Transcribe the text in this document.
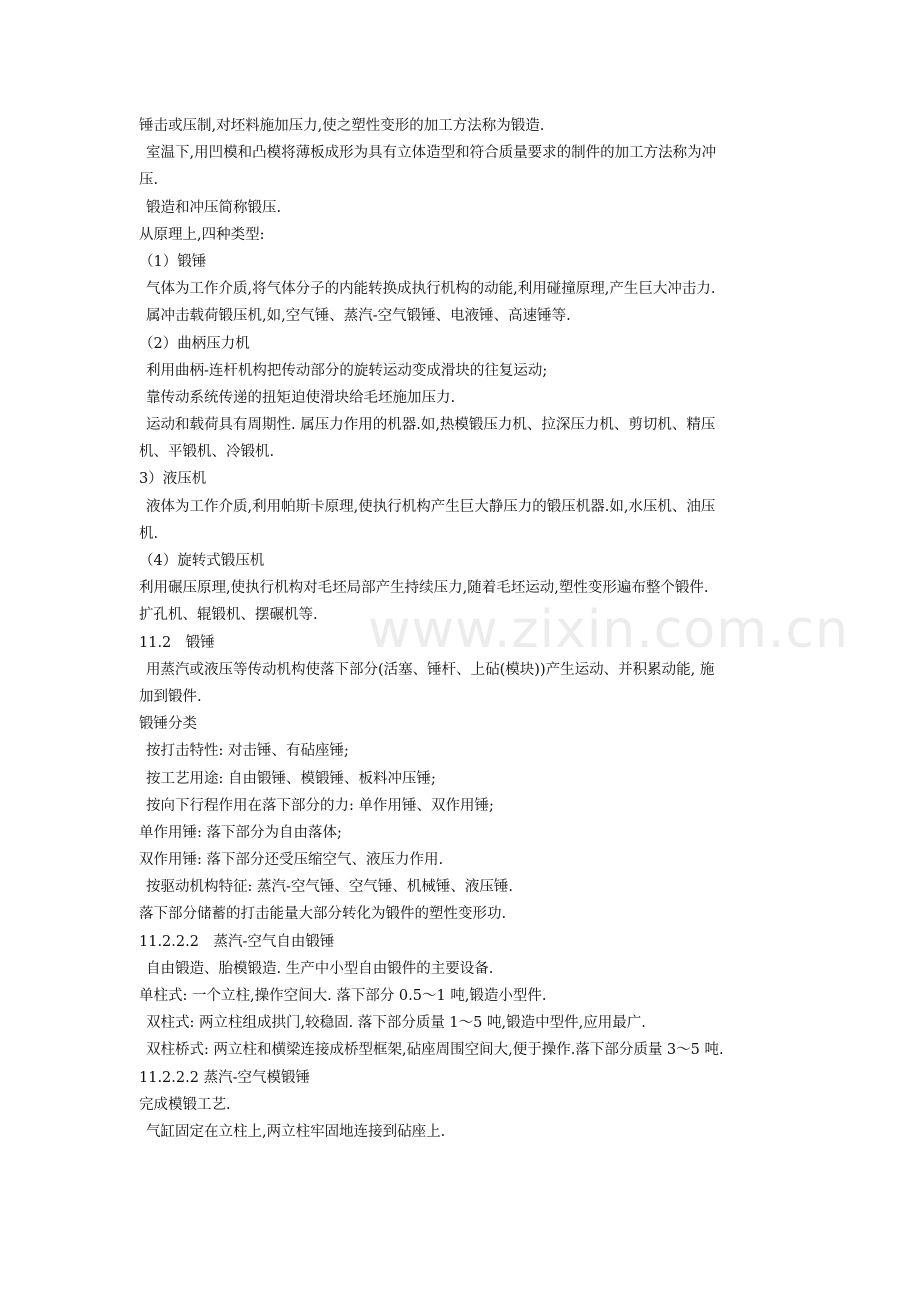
锤击或压制,对坯料施加压力,使之塑性变形的加工方法称为锻造.
室温下,用凹模和凸模将薄板成形为具有立体造型和符合质量要求的制件的加工方法称为冲
压.
锻造和冲压简称锻压.
从原理上,四种类型:
（1）锻锤
气体为工作介质,将气体分子的内能转换成执行机构的动能,利用碰撞原理,产生巨大冲击力.
属冲击载荷锻压机,如,空气锤、蒸汽-空气锻锤、电液锤、高速锤等.
（2）曲柄压力机
利用曲柄-连杆机构把传动部分的旋转运动变成滑块的往复运动;
靠传动系统传递的扭矩迫使滑块给毛坯施加压力.
运动和载荷具有周期性. 属压力作用的机器.如,热模锻压力机、拉深压力机、剪切机、精压
机、平锻机、冷锻机.
3）液压机
液体为工作介质,利用帕斯卡原理,使执行机构产生巨大静压力的锻压机器.如,水压机、油压
机.
（4）旋转式锻压机
利用碾压原理,使执行机构对毛坯局部产生持续压力,随着毛坯运动,塑性变形遍布整个锻件.
扩孔机、辊锻机、摆碾机等.
11.2　锻锤
用蒸汽或液压等传动机构使落下部分(活塞、锤杆、上砧(模块))产生运动、并积累动能, 施
加到锻件.
锻锤分类
按打击特性: 对击锤、有砧座锤;
按工艺用途: 自由锻锤、模锻锤、板料冲压锤;
按向下行程作用在落下部分的力: 单作用锤、双作用锤;
单作用锤: 落下部分为自由落体;
双作用锤: 落下部分还受压缩空气、液压力作用.
按驱动机构特征: 蒸汽-空气锤、空气锤、机械锤、液压锤.
落下部分储蓄的打击能量大部分转化为锻件的塑性变形功.
11.2.2.2　蒸汽-空气自由锻锤
自由锻造、胎模锻造. 生产中小型自由锻件的主要设备.
单柱式: 一个立柱,操作空间大. 落下部分 0.5～1 吨,锻造小型件.
双柱式: 两立柱组成拱门,较稳固. 落下部分质量 1～5 吨,锻造中型件,应用最广.
双柱桥式: 两立柱和横梁连接成桥型框架,砧座周围空间大,便于操作.落下部分质量 3～5 吨.
11.2.2.2 蒸汽-空气模锻锤
完成模锻工艺.
气缸固定在立柱上,两立柱牢固地连接到砧座上.
www.zixin.com.cn
